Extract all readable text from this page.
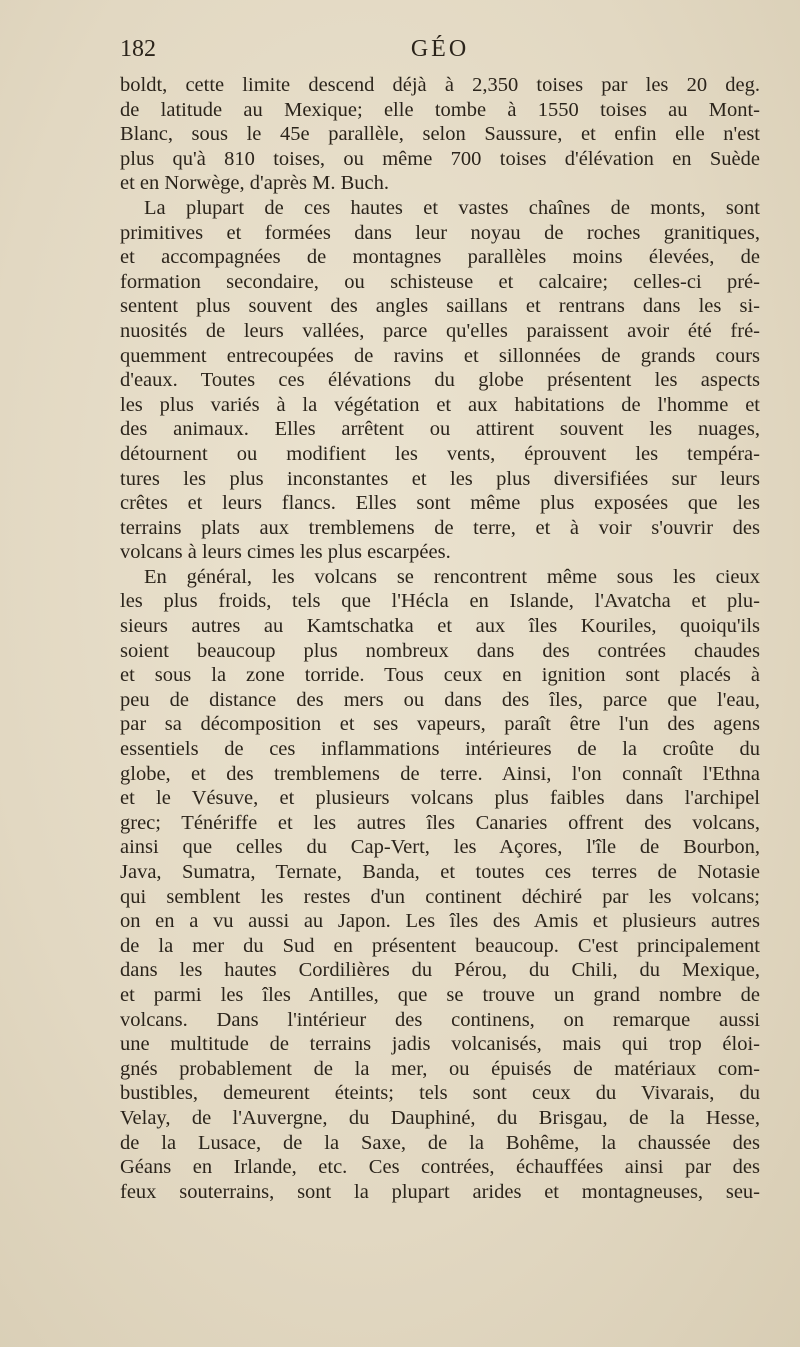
182	GÉO
boldt, cette limite descend déjà à 2,350 toises par les 20 deg.
de latitude au Mexique; elle tombe à 1550 toises au Mont-
Blanc, sous le 45e parallèle, selon Saussure, et enfin elle n'est
plus qu'à 810 toises, ou même 700 toises d'élévation en Suède
et en Norwège, d'après M. Buch.
La plupart de ces hautes et vastes chaînes de monts, sont
primitives et formées dans leur noyau de roches granitiques,
et accompagnées de montagnes parallèles moins élevées, de
formation secondaire, ou schisteuse et calcaire; celles-ci pré-
sentent plus souvent des angles saillans et rentrans dans les si-
nuosités de leurs vallées, parce qu'elles paraissent avoir été fré-
quemment entrecoupées de ravins et sillonnées de grands cours
d'eaux. Toutes ces élévations du globe présentent les aspects
les plus variés à la végétation et aux habitations de l'homme et
des animaux. Elles arrêtent ou attirent souvent les nuages,
détournent ou modifient les vents, éprouvent les tempéra-
tures les plus inconstantes et les plus diversifiées sur leurs
crêtes et leurs flancs. Elles sont même plus exposées que les
terrains plats aux tremblemens de terre, et à voir s'ouvrir des
volcans à leurs cimes les plus escarpées.
En général, les volcans se rencontrent même sous les cieux
les plus froids, tels que l'Hécla en Islande, l'Avatcha et plu-
sieurs autres au Kamtschatka et aux îles Kouriles, quoiqu'ils
soient beaucoup plus nombreux dans des contrées chaudes
et sous la zone torride. Tous ceux en ignition sont placés à
peu de distance des mers ou dans des îles, parce que l'eau,
par sa décomposition et ses vapeurs, paraît être l'un des agens
essentiels de ces inflammations intérieures de la croûte du
globe, et des tremblemens de terre. Ainsi, l'on connaît l'Ethna
et le Vésuve, et plusieurs volcans plus faibles dans l'archipel
grec; Ténériffe et les autres îles Canaries offrent des volcans,
ainsi que celles du Cap-Vert, les Açores, l'île de Bourbon,
Java, Sumatra, Ternate, Banda, et toutes ces terres de Notasie
qui semblent les restes d'un continent déchiré par les volcans;
on en a vu aussi au Japon. Les îles des Amis et plusieurs autres
de la mer du Sud en présentent beaucoup. C'est principalement
dans les hautes Cordilières du Pérou, du Chili, du Mexique,
et parmi les îles Antilles, que se trouve un grand nombre de
volcans. Dans l'intérieur des continens, on remarque aussi
une multitude de terrains jadis volcanisés, mais qui trop éloi-
gnés probablement de la mer, ou épuisés de matériaux com-
bustibles, demeurent éteints; tels sont ceux du Vivarais, du
Velay, de l'Auvergne, du Dauphiné, du Brisgau, de la Hesse,
de la Lusace, de la Saxe, de la Bohême, la chaussée des
Géans en Irlande, etc. Ces contrées, échauffées ainsi par des
feux souterrains, sont la plupart arides et montagneuses, seu-
